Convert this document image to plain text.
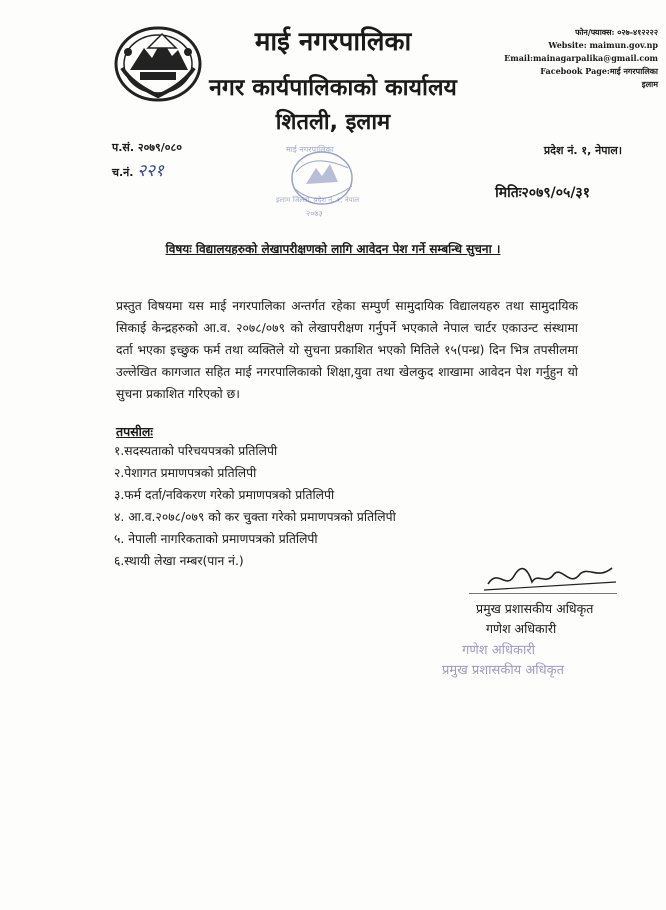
माई नगरपालिका
नगर कार्यपालिकाको कार्यालय
शितली, इलाम
फोन/फ्याक्स: ०२७-४१२२२२
Website: maimun.gov.np
Email:mainagarpalika@gmail.com
Facebook Page:माई नगरपालिका
इलाम
प.सं. २०७९/०८०
च.नं. २२१
प्रदेश नं. १, नेपाल।
माई नगरपालिका
इलाम जिल्ला, प्रदेश नं. १, नेपाल
२०७३
मितिः२०७९/०५/३१
विषयः विद्यालयहरुको लेखापरीक्षणको लागि आवेदन पेश गर्ने सम्बन्धि सुचना ।
प्रस्तुत विषयमा यस माई नगरपालिका अन्तर्गत रहेका सम्पुर्ण सामुदायिक विद्यालयहरु तथा सामुदायिक सिकाई केन्द्रहरुको आ.व. २०७८/०७९ को लेखापरीक्षण गर्नुपर्ने भएकाले नेपाल चार्टर एकाउन्ट संस्थामा दर्ता भएका इच्छुक फर्म तथा व्यक्तिले यो सुचना प्रकाशित भएको मितिले १५(पन्ध्र) दिन भित्र तपसीलमा उल्लेखित कागजात सहित माई नगरपालिकाको शिक्षा,युवा तथा खेलकुद शाखामा आवेदन पेश गर्नुहुन यो सुचना प्रकाशित गरिएको छ।
तपसीलः
१.सदस्यताको परिचयपत्रको प्रतिलिपी
२.पेशागत प्रमाणपत्रको प्रतिलिपी
३.फर्म दर्ता/नविकरण गरेको प्रमाणपत्रको प्रतिलिपी
४. आ.व.२०७८/०७९ को कर चुक्ता गरेको प्रमाणपत्रको प्रतिलिपी
५. नेपाली नागरिकताको प्रमाणपत्रको प्रतिलिपी
६.स्थायी लेखा नम्बर(पान नं.)
प्रमुख प्रशासकीय अधिकृत
गणेश अधिकारी
गणेश अधिकारी
प्रमुख प्रशासकीय अधिकृत
